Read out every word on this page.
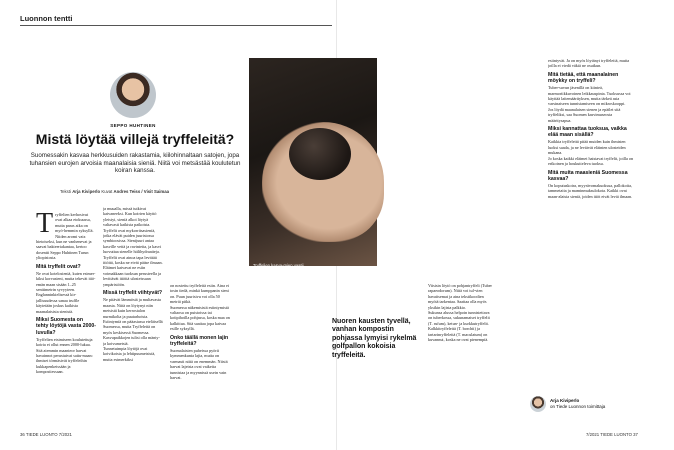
Luonnon tentti
SEPPO HUHTINEN
Mistä löytää villejä tryffeleitä?
Suomessakin kasvaa herkkusuiden rakastamia, kiilohinnaltaan satojen, jopa tuhansien eurojen arvoisia maanalaisia sieniä. Niitä voi metsästää koulutetun koiran kanssa.
Teksti Arja Kiviperlo Kuvat Andres Teiss / Visit Saimaa
Tryffelien kasva-mien vaatii maan-omistajan luvan.
T ryffelien kerhosivut ovat alkaa etokuussa, mutta paras aika on myö-hemmin syksyllä. Niiden aromi vaix hietoiseksi, kun ne vanhenevat ja saavat bakteeriakantaa, kertoo dosentti Seppo Huhtinen Turun yliopistosta.
Mitä tryffelit ovat?
Ne ovat kotelosieniä, kuten esimer-kiksi korvasieni, mutta tekevät itiö-emän maan sisään 1–25 senttimetrin syvyyteen. Englanninkielisessä kir-jallisuudessa sanaa truffle käytetään joskus kaikista maanalaisista sienistä.
Miksi Suomesta on tehty löytöjä vasta 2000-luvulla?
Tryffelien etsimiseen koulutettuja koiria ei ollut ennen 2000-lukua. Sitä aiemmin maanteor harvat havainnot perustuivat sattu-maan: ihmiset törmäsivät tryffeleihin kukkapenkeissään ja kompostiessaan.
ja muualla, missä tutkivat kaivaneeksi. Kun koirien käyttö yleistyi, sieniä alkoi löytyä valtavasti kaikista paikoista.
Tryffelit ovat mykorritsasieniä, jotka elävät puiden juuristossa symbioosissa. Sienijuuri antaa kasville vettä ja ravinteita, ja kasvi luovuttaa sienelle hiilihydraatteja.
Tryffelit ovat ainoa tapa levittää itiöitä, koska ne eivät pääse ilmaan. Eläimet kaivavat ne esiin voimakkaan tuoksun perusteella ja levittävät itiöitä ulosteissaan ympäristöön.
Missä tryffelit viihtyvät?
Ne pitävät lämmöstä ja multavasta maasta. Niitä on löytynyt niin metsistä kuin kerrostalon nurmikolta ja puutarhoista.
Esiintymiä on pääasiassa eteläisellä Suomessa, mutta Tryffeleitä on myös keskisessä Suomessa. Kasvupaikkojen tulisi olla mänty- ja koivumetsiä.
Tunnetuimpia löytöjä ovat koivikoista ja lehtipuumetsistä, mutta esimerkiksi
on nostettu tryffeleitä esiin. Aina ei tosin tiedä, minkä kumppanin sieni on. Puun juurisivu voi olla 50 metriä pitkä.
Suomessa näkemisistä esiintymistä valtaosa on puistoissa tai kotipihoilla pohjassa, koska maa on kalkittua. Sitä saattaa jopa kaivaa esille syksyllä.
Onko täällä monen lajin tryffeleitä?
Suomalaisten puheissa pyörii kymmenkunta lajia, mutta on varmasti niitä on enemmän. Niistä harvat lajeista ovat vaikeita tunnistaa ja myynnissä usein vain harvat.
Nuoren kausten tyvellä, vanhan kompostin pohjassa lymyisi rykelmä golfpallon kokoisia tryffeleitä.
Viisisin löytö on pohjantryffeli (Tuber rapaeodorum). Niitä voi tul-vien havaitsemat ja aina tekstikoodien myötä tarkentaa. Saattaa olla myös yksikin lajista palkkio.
Sukunsa alussa helpoin tunnistettava on tuberkossa, sukunamaiset tryffelit (T. rufum), ketun- ja kurkkutryffelit.
Kalkkitryffeleitä (T. borchii) ja tartarinryffeleitä (T. maculatum) on kuvannut, koska ne ovat pienempiä.
esiintyvät. Ja on myös löytänyt tryffeleitä, mutta joilla ei viedä väkiä ne osutkun.
Mitä tietää, että maanalainen möykky on tryffeli?
Tuber-suvun jäsenillä on kiinteä, marmoriikkuvoinen leikkauspinta. Tuoksussa voi käyttää laitemäärityksen, mutta tärkeä asia varsinaiseen tunnistamiseen on mikroskooppi.
Jos löydä maanalaisen sienen ja epäilet sitä tryffeliksi, saa Suomen kasvimuseosta määritysapua.
Miksi kannattaa tuoksua, vaikka elää maan sisällä?
Kaikkia tryffeleitä pitää muiden kuin ihmisten luoksi saada, ja ne leviävät eläinten ulosteiden mukana.
Jo koska kaikki eläimet haistavat tryffelit, joilla on erikoinen ja houkutteleva tuoksu.
Mitä muita maasieniä Suomessa kasvaa?
On koputuskoira, myyrävomakuoksua, pallokoita, tammetaita ja maminmuksulokota. Kaikki ovat maan-alaisia sieniä, joiden itiöt eivät leviä ilmaan.
Arja Kiviperlo
on Tiede Luonnon toimittaja
36 TIEDE LUONTO 7/2021	7/2021 TIEDE LUONTO 37
